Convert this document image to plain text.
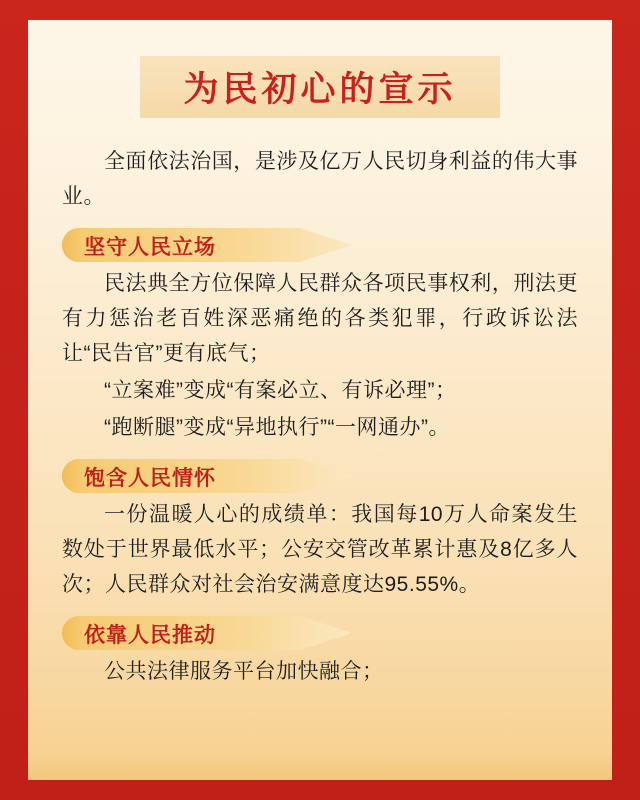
为民初心的宣示

全面依法治国，是涉及亿万人民切身利益的伟大事业。

坚守人民立场

民法典全方位保障人民群众各项民事权利，刑法更有力惩治老百姓深恶痛绝的各类犯罪，行政诉讼法让“民告官”更有底气；

“立案难”变成“有案必立、有诉必理”；

“跑断腿”变成“异地执行”“一网通办”。

饱含人民情怀

一份温暖人心的成绩单：我国每10万人命案发生数处于世界最低水平；公安交管改革累计惠及8亿多人次；人民群众对社会治安满意度达95.55%。

依靠人民推动

公共法律服务平台加快融合；
